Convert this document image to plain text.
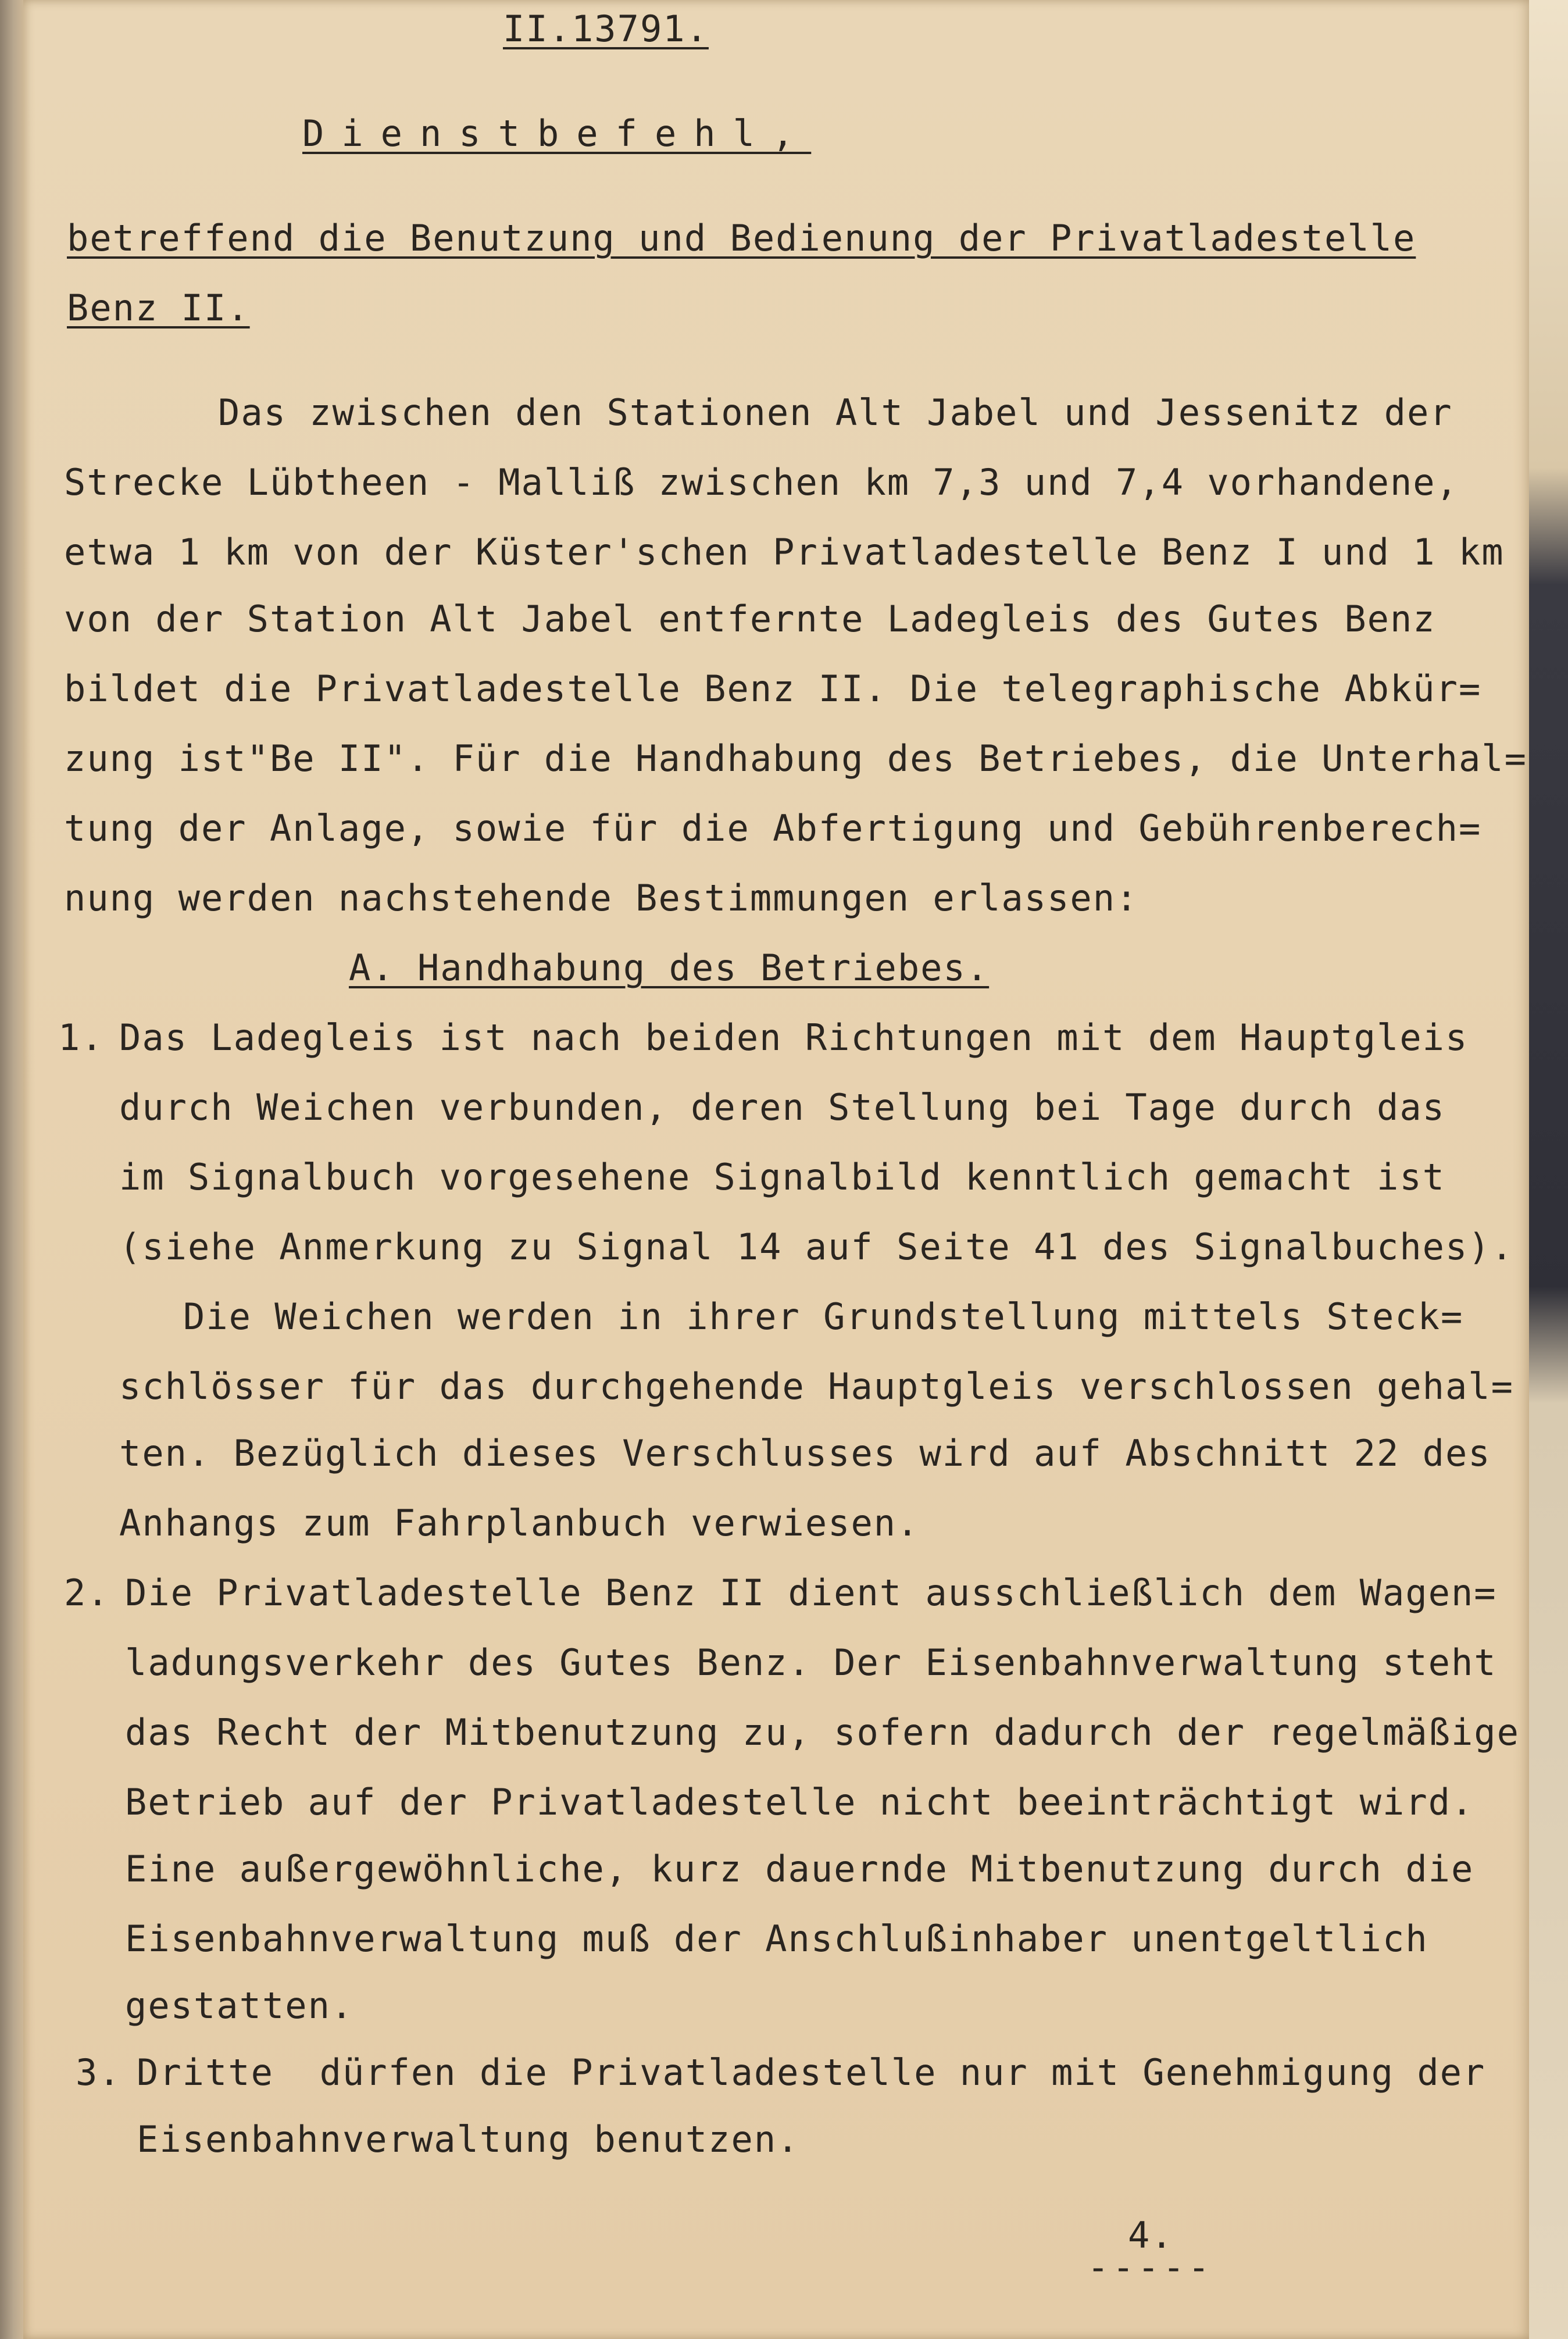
II.13791.
Dienstbefehl,
betreffend die Benutzung und Bedienung der Privatladestelle
Benz II.
Das zwischen den Stationen Alt Jabel und Jessenitz der
Strecke Lübtheen - Malliß zwischen km 7,3 und 7,4 vorhandene,
etwa 1 km von der Küster'schen Privatladestelle Benz I und 1 km
von der Station Alt Jabel entfernte Ladegleis des Gutes Benz
bildet die Privatladestelle Benz II. Die telegraphische Abkür=
zung ist"Be II". Für die Handhabung des Betriebes, die Unterhal=
tung der Anlage, sowie für die Abfertigung und Gebührenberech=
nung werden nachstehende Bestimmungen erlassen:
A. Handhabung des Betriebes.
1. Das Ladegleis ist nach beiden Richtungen mit dem Hauptgleis
durch Weichen verbunden, deren Stellung bei Tage durch das
im Signalbuch vorgesehene Signalbild kenntlich gemacht ist
(siehe Anmerkung zu Signal 14 auf Seite 41 des Signalbuches).
Die Weichen werden in ihrer Grundstellung mittels Steck=
schlösser für das durchgehende Hauptgleis verschlossen gehal=
ten. Bezüglich dieses Verschlusses wird auf Abschnitt 22 des
Anhangs zum Fahrplanbuch verwiesen.
2. Die Privatladestelle Benz II dient ausschließlich dem Wagen=
ladungsverkehr des Gutes Benz. Der Eisenbahnverwaltung steht
das Recht der Mitbenutzung zu, sofern dadurch der regelmäßige
Betrieb auf der Privatladestelle nicht beeinträchtigt wird.
Eine außergewöhnliche, kurz dauernde Mitbenutzung durch die
Eisenbahnverwaltung muß der Anschlußinhaber unentgeltlich
gestatten.
3. Dritte  dürfen die Privatladestelle nur mit Genehmigung der
Eisenbahnverwaltung benutzen.
4.
-----
